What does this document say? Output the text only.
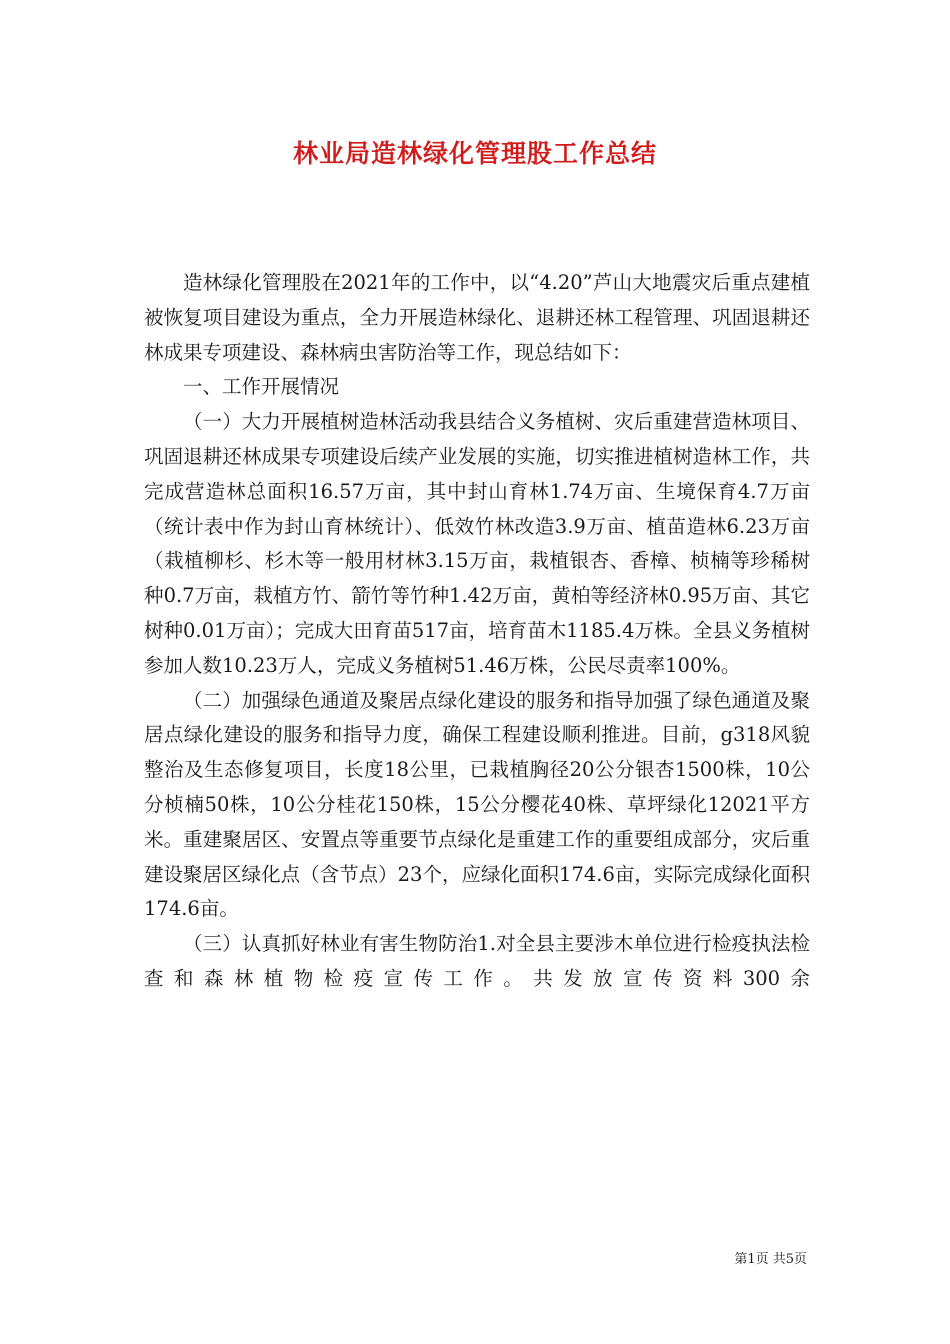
林业局造林绿化管理股工作总结

造林绿化管理股在2021年的工作中，以“4.20”芦山大地震灾后重点建植被恢复项目建设为重点，全力开展造林绿化、退耕还林工程管理、巩固退耕还林成果专项建设、森林病虫害防治等工作，现总结如下：

一、工作开展情况

（一）大力开展植树造林活动我县结合义务植树、灾后重建营造林项目、巩固退耕还林成果专项建设后续产业发展的实施，切实推进植树造林工作，共完成营造林总面积16.57万亩，其中封山育林1.74万亩、生境保育4.7万亩（统计表中作为封山育林统计）、低效竹林改造3.9万亩、植苗造林6.23万亩（栽植柳杉、杉木等一般用材林3.15万亩，栽植银杏、香樟、桢楠等珍稀树种0.7万亩，栽植方竹、箭竹等竹种1.42万亩，黄柏等经济林0.95万亩、其它树种0.01万亩）；完成大田育苗517亩，培育苗木1185.4万株。全县义务植树参加人数10.23万人，完成义务植树51.46万株，公民尽责率100%。

（二）加强绿色通道及聚居点绿化建设的服务和指导加强了绿色通道及聚居点绿化建设的服务和指导力度，确保工程建设顺利推进。目前，g318风貌整治及生态修复项目，长度18公里，已栽植胸径20公分银杏1500株，10公分桢楠50株，10公分桂花150株，15公分樱花40株、草坪绿化12021平方米。重建聚居区、安置点等重要节点绿化是重建工作的重要组成部分，灾后重建设聚居区绿化点（含节点）23个，应绿化面积174.6亩，实际完成绿化面积174.6亩。

（三）认真抓好林业有害生物防治1.对全县主要涉木单位进行检疫执法检查和森林植物检疫宣传工作。共发放宣传资料300余

第1页 共5页
